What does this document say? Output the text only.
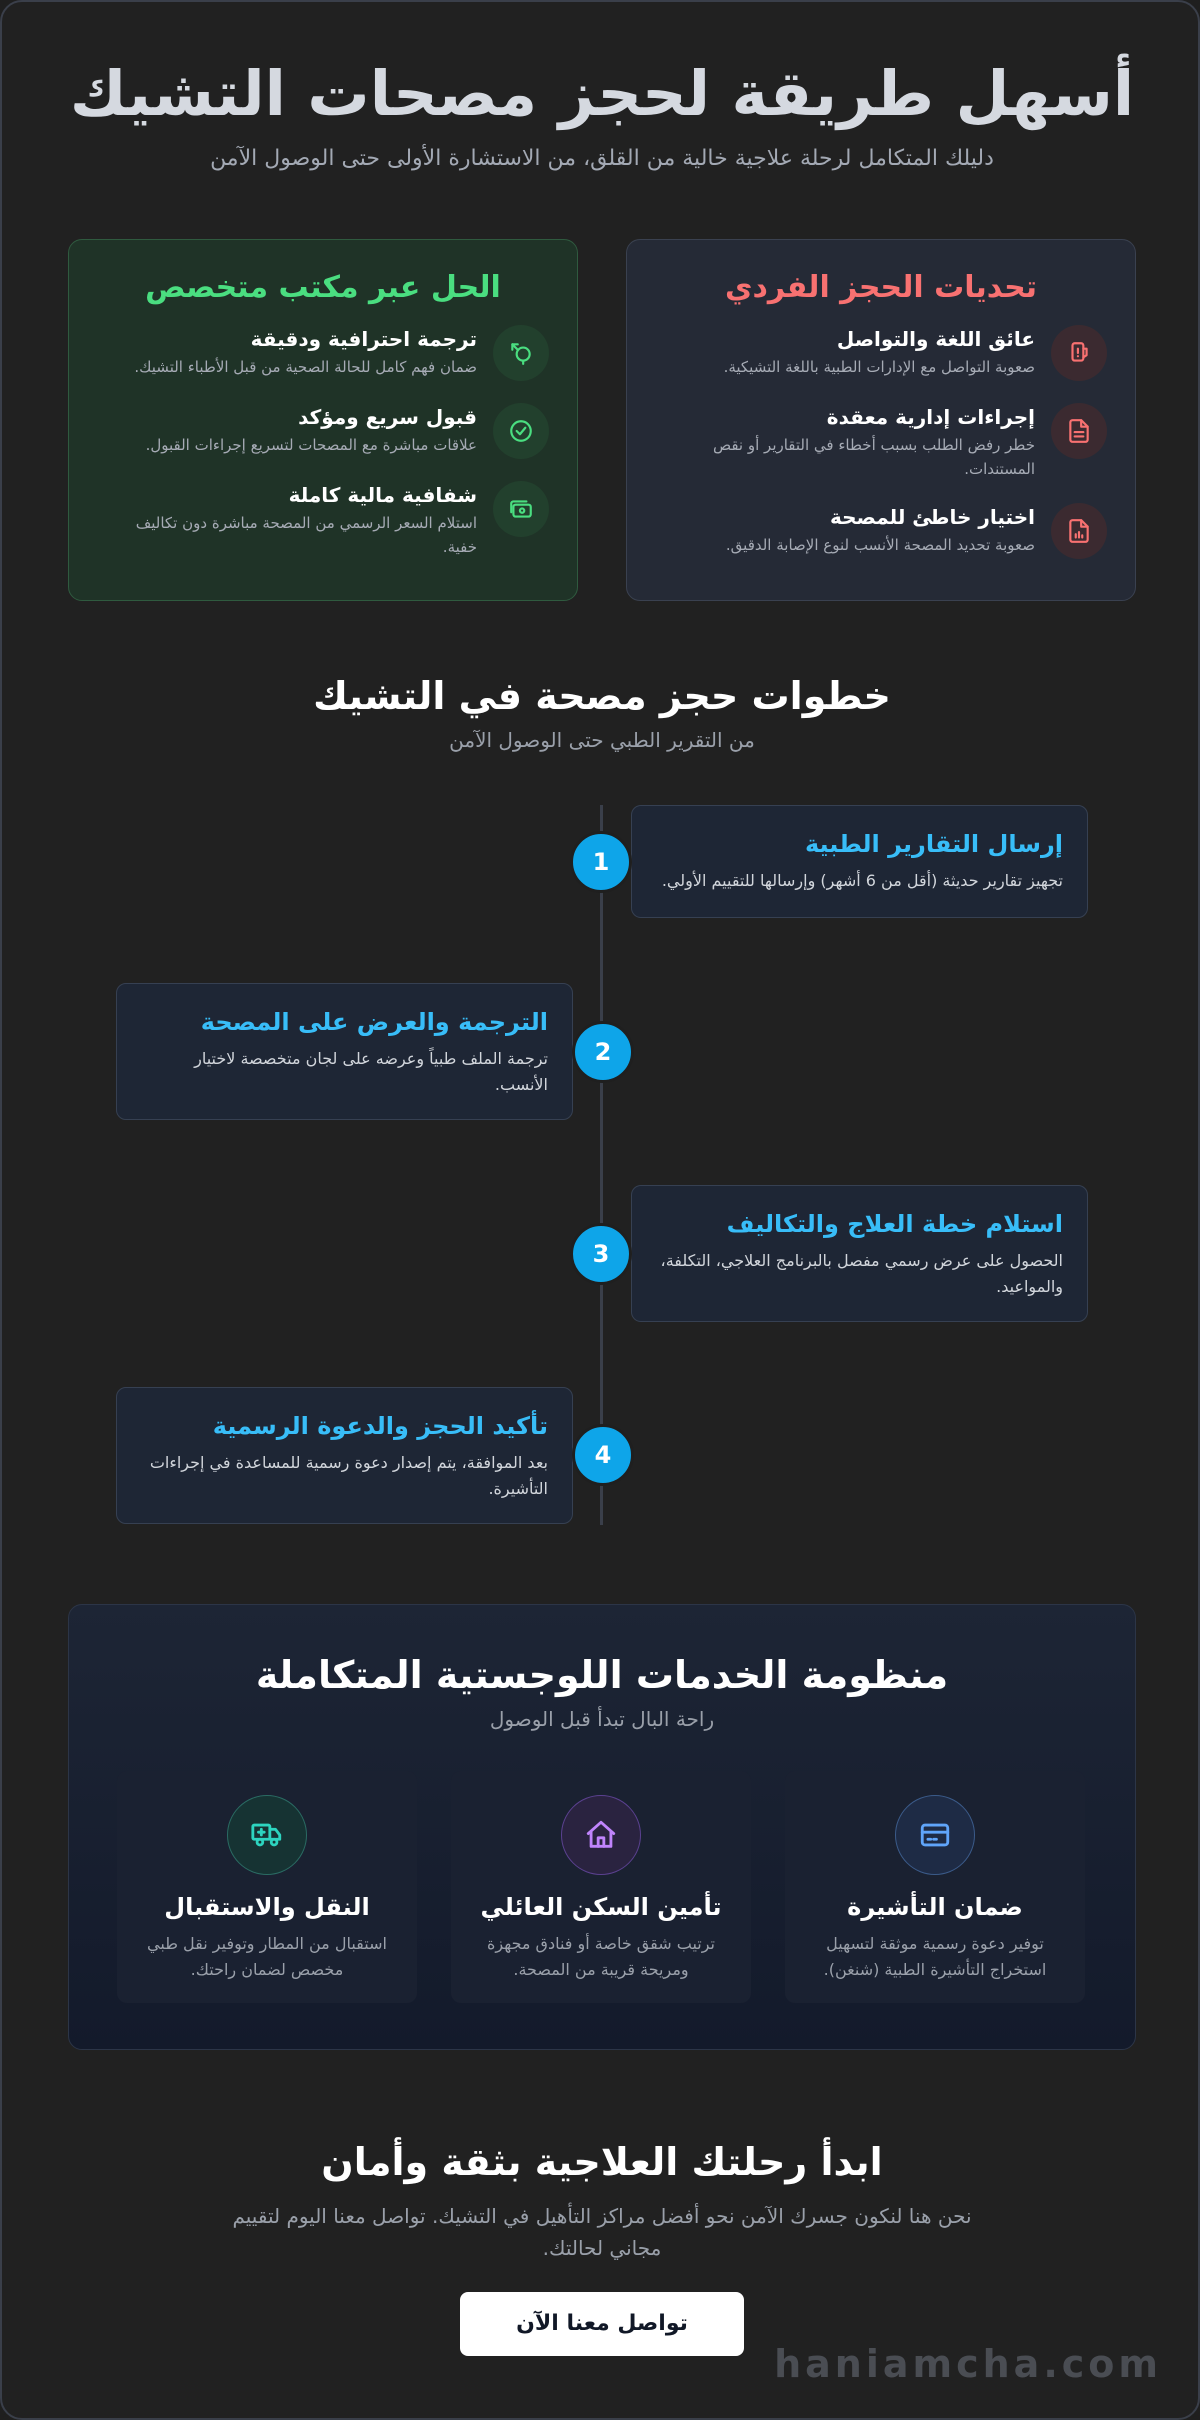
أسهل طريقة لحجز مصحات التشيك

دليلك المتكامل لرحلة علاجية خالية من القلق، من الاستشارة الأولى حتى الوصول الآمن

تحديات الحجز الفردي
عائق اللغة والتواصل
صعوبة التواصل مع الإدارات الطبية باللغة التشيكية.
إجراءات إدارية معقدة
خطر رفض الطلب بسبب أخطاء في التقارير أو نقص المستندات.
اختيار خاطئ للمصحة
صعوبة تحديد المصحة الأنسب لنوع الإصابة الدقيق.
الحل عبر مكتب متخصص
ترجمة احترافية ودقيقة
ضمان فهم كامل للحالة الصحية من قبل الأطباء التشيك.
قبول سريع ومؤكد
علاقات مباشرة مع المصحات لتسريع إجراءات القبول.
شفافية مالية كاملة
استلام السعر الرسمي من المصحة مباشرة دون تكاليف خفية.
خطوات حجز مصحة في التشيك

من التقرير الطبي حتى الوصول الآمن

إرسال التقارير الطبية
تجهيز تقارير حديثة (أقل من 6 أشهر) وإرسالها للتقييم الأولي.
1
الترجمة والعرض على المصحة
ترجمة الملف طبياً وعرضه على لجان متخصصة لاختيار الأنسب.
2
استلام خطة العلاج والتكاليف
الحصول على عرض رسمي مفصل بالبرنامج العلاجي، التكلفة، والمواعيد.
3
تأكيد الحجز والدعوة الرسمية
بعد الموافقة، يتم إصدار دعوة رسمية للمساعدة في إجراءات التأشيرة.
4
منظومة الخدمات اللوجستية المتكاملة
راحة البال تبدأ قبل الوصول
ضمان التأشيرة
توفير دعوة رسمية موثقة لتسهيل استخراج التأشيرة الطبية (شنغن).
تأمين السكن العائلي
ترتيب شقق خاصة أو فنادق مجهزة ومريحة قريبة من المصحة.
النقل والاستقبال
استقبال من المطار وتوفير نقل طبي مخصص لضمان راحتك.
ابدأ رحلتك العلاجية بثقة وأمان

نحن هنا لنكون جسرك الآمن نحو أفضل مراكز التأهيل في التشيك. تواصل معنا اليوم لتقييم مجاني لحالتك.

تواصل معنا الآن
haniamcha.com
